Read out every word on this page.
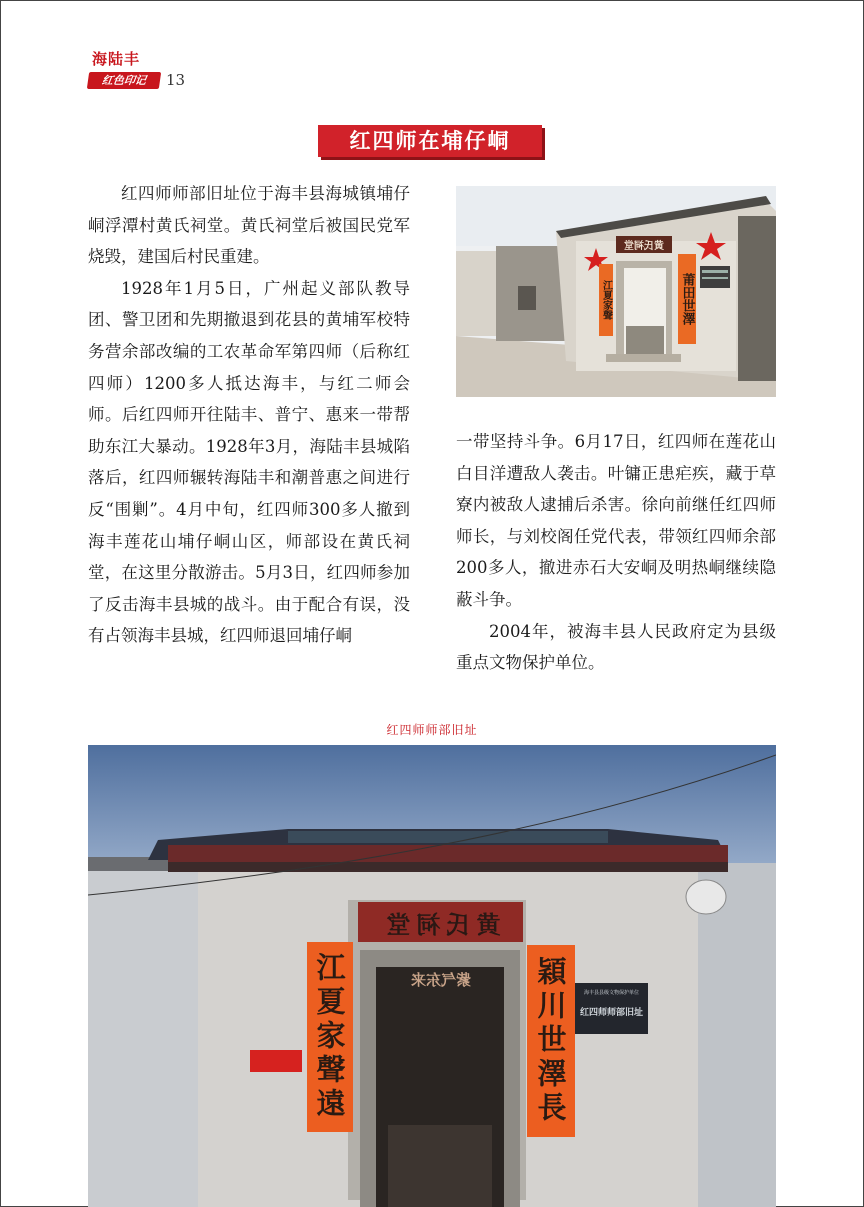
海陆丰
红色印记	13
红四师在埔仔峒

红四师师部旧址位于海丰县海城镇埔仔峒浮潭村黄氏祠堂。黄氏祠堂后被国民党军烧毁，建国后村民重建。

1928年1月5日，广州起义部队教导团、警卫团和先期撤退到花县的黄埔军校特务营余部改编的工农革命军第四师（后称红四师）1200多人抵达海丰，与红二师会师。后红四师开往陆丰、普宁、惠来一带帮助东江大暴动。1928年3月，海陆丰县城陷落后，红四师辗转海陆丰和潮普惠之间进行反“围剿”。4月中旬，红四师300多人撤到海丰莲花山埔仔峒山区，师部设在黄氏祠堂，在这里分散游击。5月3日，红四师参加了反击海丰县城的战斗。由于配合有误，没有占领海丰县城，红四师退回埔仔峒

黄氏祠堂
江夏家聲	莆田世澤

一带坚持斗争。6月17日，红四师在莲花山白目洋遭敌人袭击。叶镛正患疟疾，藏于草寮内被敌人逮捕后杀害。徐向前继任红四师师长，与刘校阁任党代表，带领红四师余部200多人，撤进赤石大安峒及明热峒继续隐蔽斗争。

2004年，被海丰县人民政府定为县级重点文物保护单位。

红四师师部旧址
黄氏祠堂
紫气东来
江夏家聲遠	穎川世澤長	海丰县县级文物保护单位
红四师师部旧址
